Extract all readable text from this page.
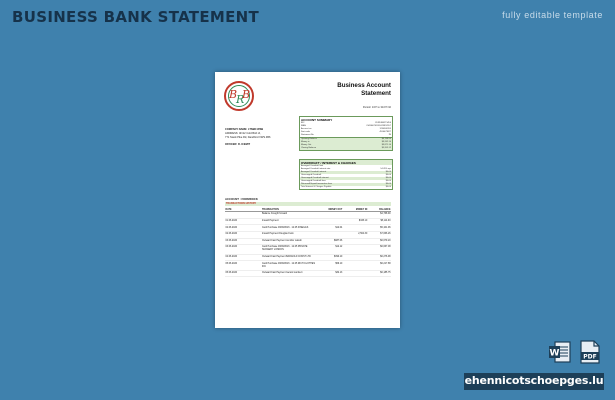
BUSINESS BANK STATEMENT	fully editable template
B
R
B
Business Account
Statement
Period: 1/07 to 31/07 N2
COMPANY NAME: LTSBN WSB
ADDRESS: 4F/12 Cold Bird rd,
771 Stack Pike Rd, Dandford VWS 4B6
OFFICER: R. ICEMIT
ACCOUNT SUMMARY
BIC	CDRDKERT3456
IBAN	CH9300762011623852957
Account no	1234568765
Sort code	4556473827
Statement No	7B
Opening Balance	$4,768.90
Money in	$3,262.14
Money Out	$3,871.10
Closing Balance	$5,205.12
OVERDRAFT / INTEREST & CHARGES
Arranged Overdraft limit
Arranged Overdraft interest rate	14.45% apr
Arranged Overdraft interest	$0.00
Unarranged Overdraft	$0.00
Unarranged Overdraft interest	$0.00
Unarranged Overdraft fees	$0.00
Returned/Unpaid transaction fees	$0.00
Total Interest & Charges Payable	$0.00
ACCOUNT : FORMDOCK
TRANSACTIONS HISTORY
DATE	TRANSACTION	MONEY OUT	MONEY IN	BALANCE
	Balance brought forward			$4,768.90
01.06.2020	Inward Payment		$345.10	$5,114.00
02.06.2020	Card Purchase 03/06/2016 · 12:45 FINEGGS	$12.04		$5,101.96
02.06.2020	Inward Payment Douglas Fudo		2,564.30	$7,666.26
03.06.2020	Outward Fast Payment Jennifer Latsdn	$987.06		$6,679.20
03.06.2020	Card Purchase 03/06/2016 · 12:45 PRIVATE SURGERY LONDON	$12.12		$6,667.08
04.06.2020	Outward Fast Payment BARGOLD CONST LTD	$390.10		$6,276.98
05.06.2020	Card Purchase 03/06/2016 · 12:45 RICH CLOTHES INC	$59.10		$6,217.88
05.06.2020	Outward Fast Payment Gerard Lambert	$32.13		$6,185.75
W	PDF
ehennicotschoepges.lu
